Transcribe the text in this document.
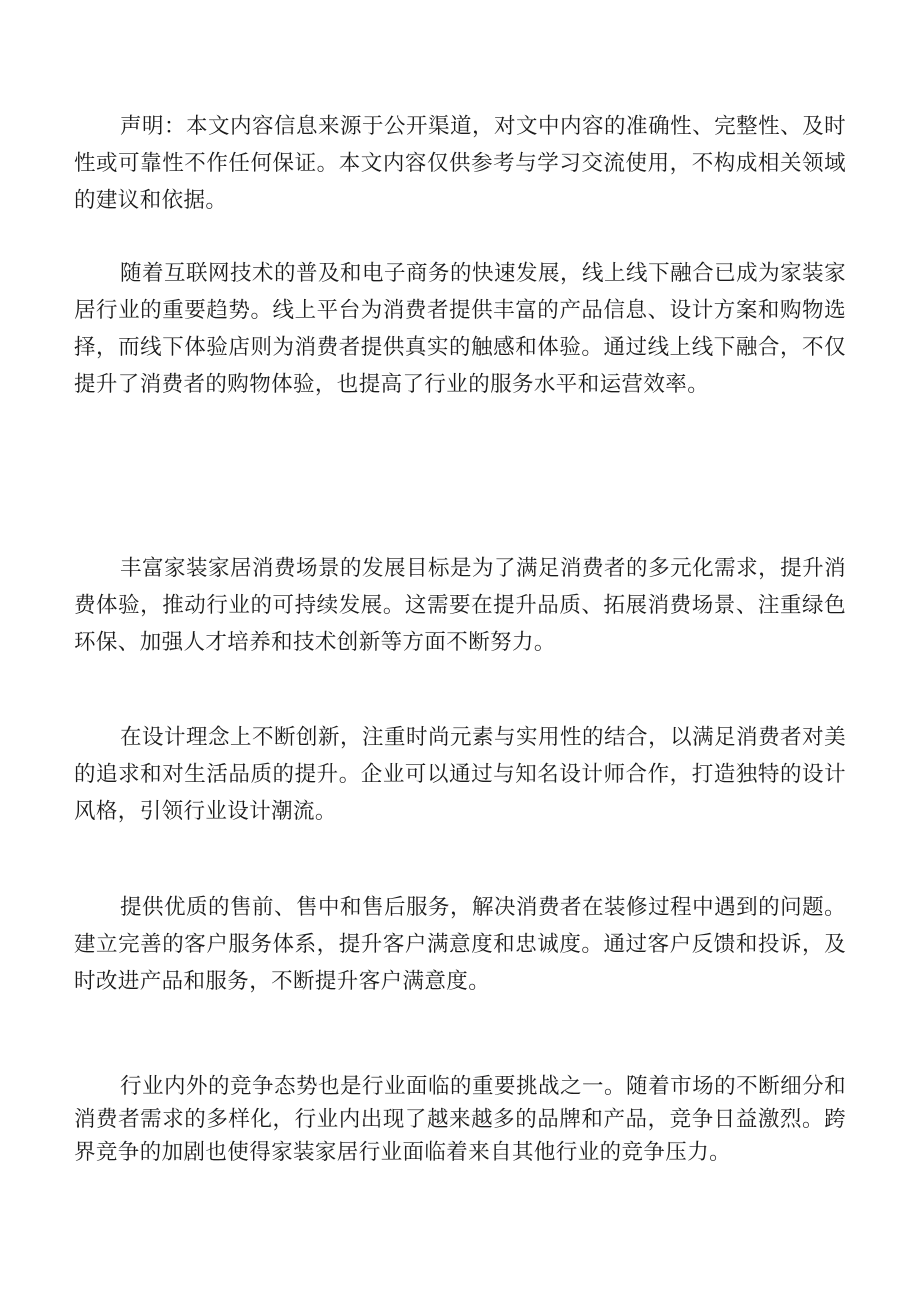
声明：本文内容信息来源于公开渠道，对文中内容的准确性、完整性、及时性或可靠性不作任何保证。本文内容仅供参考与学习交流使用，不构成相关领域的建议和依据。

随着互联网技术的普及和电子商务的快速发展，线上线下融合已成为家装家居行业的重要趋势。线上平台为消费者提供丰富的产品信息、设计方案和购物选择，而线下体验店则为消费者提供真实的触感和体验。通过线上线下融合，不仅提升了消费者的购物体验，也提高了行业的服务水平和运营效率。

丰富家装家居消费场景的发展目标是为了满足消费者的多元化需求，提升消费体验，推动行业的可持续发展。这需要在提升品质、拓展消费场景、注重绿色环保、加强人才培养和技术创新等方面不断努力。

在设计理念上不断创新，注重时尚元素与实用性的结合，以满足消费者对美的追求和对生活品质的提升。企业可以通过与知名设计师合作，打造独特的设计风格，引领行业设计潮流。

提供优质的售前、售中和售后服务，解决消费者在装修过程中遇到的问题。建立完善的客户服务体系，提升客户满意度和忠诚度。通过客户反馈和投诉，及时改进产品和服务，不断提升客户满意度。

行业内外的竞争态势也是行业面临的重要挑战之一。随着市场的不断细分和消费者需求的多样化，行业内出现了越来越多的品牌和产品，竞争日益激烈。跨界竞争的加剧也使得家装家居行业面临着来自其他行业的竞争压力。
